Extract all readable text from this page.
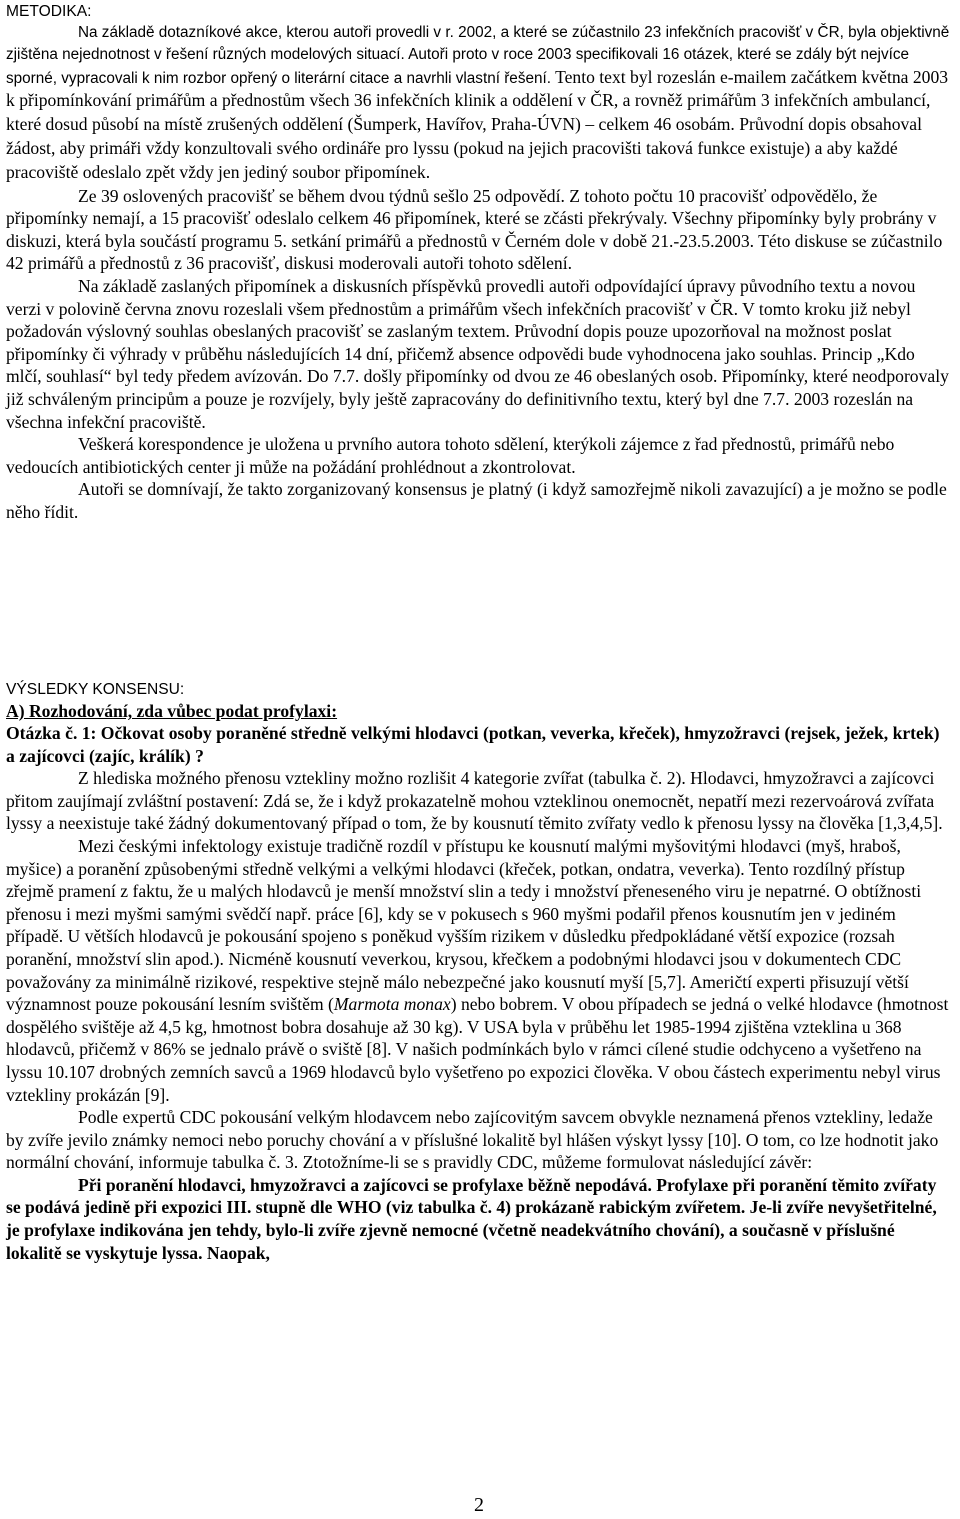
METODIKA:

Na základě dotazníkové akce, kterou autoři provedli v r. 2002, a které se zúčastnilo 23 infekčních pracovišť v ČR, byla objektivně zjištěna nejednotnost v řešení různých modelových situací. Autoři proto v roce 2003 specifikovali 16 otázek, které se zdály být nejvíce sporné, vypracovali k nim rozbor opřený o literární citace a navrhli vlastní řešení. Tento text byl rozeslán e-mailem začátkem května 2003 k připomínkování primářům a přednostům všech 36 infekčních klinik a oddělení v ČR, a rovněž primářům 3 infekčních ambulancí, které dosud působí na místě zrušených oddělení (Šumperk, Havířov, Praha-ÚVN) – celkem 46 osobám. Průvodní dopis obsahoval žádost, aby primáři vždy konzultovali svého ordináře pro lyssu (pokud na jejich pracovišti taková funkce existuje) a aby každé pracoviště odeslalo zpět vždy jen jediný soubor připomínek.

Ze 39 oslovených pracovišť se během dvou týdnů sešlo 25 odpovědí. Z tohoto počtu 10 pracovišť odpovědělo, že připomínky nemají, a 15 pracovišť odeslalo celkem 46 připomínek, které se zčásti překrývaly. Všechny připomínky byly probrány v diskuzi, která byla součástí programu 5. setkání primářů a přednostů v Černém dole v době 21.-23.5.2003. Této diskuse se zúčastnilo 42 primářů a přednostů z 36 pracovišť, diskusi moderovali autoři tohoto sdělení.

Na základě zaslaných připomínek a diskusních příspěvků provedli autoři odpovídající úpravy původního textu a novou verzi v polovině června znovu rozeslali všem přednostům a primářům všech infekčních pracovišť v ČR. V tomto kroku již nebyl požadován výslovný souhlas obeslaných pracovišť se zaslaným textem. Průvodní dopis pouze upozorňoval na možnost poslat připomínky či výhrady v průběhu následujících 14 dní, přičemž absence odpovědi bude vyhodnocena jako souhlas. Princip „Kdo mlčí, souhlasí“ byl tedy předem avízován. Do 7.7. došly připomínky od dvou ze 46 obeslaných osob. Připomínky, které neodporovaly již schváleným principům a pouze je rozvíjely, byly ještě zapracovány do definitivního textu, který byl dne 7.7. 2003 rozeslán na všechna infekční pracoviště.

Veškerá korespondence je uložena u prvního autora tohoto sdělení, kterýkoli zájemce z řad přednostů, primářů nebo vedoucích antibiotických center ji může na požádání prohlédnout a zkontrolovat.

Autoři se domnívají, že takto zorganizovaný konsensus je platný (i když samozřejmě nikoli zavazující) a je možno se podle něho řídit.

VÝSLEDKY KONSENSU:

A) Rozhodování, zda vůbec podat profylaxi:

Otázka č. 1: Očkovat osoby poraněné středně velkými hlodavci (potkan, veverka, křeček), hmyzožravci (rejsek, ježek, krtek) a zajícovci (zajíc, králík) ?

Z hlediska možného přenosu vztekliny možno rozlišit 4 kategorie zvířat (tabulka č. 2). Hlodavci, hmyzožravci a zajícovci přitom zaujímají zvláštní postavení: Zdá se, že i když prokazatelně mohou vzteklinou onemocnět, nepatří mezi rezervoárová zvířata lyssy a neexistuje také žádný dokumentovaný případ o tom, že by kousnutí těmito zvířaty vedlo k přenosu lyssy na člověka [1,3,4,5].

Mezi českými infektology existuje tradičně rozdíl v přístupu ke kousnutí malými myšovitými hlodavci (myš, hraboš, myšice) a poranění způsobenými středně velkými a velkými hlodavci (křeček, potkan, ondatra, veverka). Tento rozdílný přístup zřejmě pramení z faktu, že u malých hlodavců je menší množství slin a tedy i množství přeneseného viru je nepatrné. O obtížnosti přenosu i mezi myšmi samými svědčí např. práce [6], kdy se v pokusech s 960 myšmi podařil přenos kousnutím jen v jediném případě. U větších hlodavců je pokousání spojeno s poněkud vyšším rizikem v důsledku předpokládané větší expozice (rozsah poranění, množství slin apod.). Nicméně kousnutí veverkou, krysou, křečkem a podobnými hlodavci jsou v dokumentech CDC považovány za minimálně rizikové, respektive stejně málo nebezpečné jako kousnutí myší [5,7]. Američtí experti přisuzují větší významnost pouze pokousání lesním svištěm (Marmota monax) nebo bobrem. V obou případech se jedná o velké hlodavce (hmotnost dospělého svištěje až 4,5 kg, hmotnost bobra dosahuje až 30 kg). V USA byla v průběhu let 1985-1994 zjištěna vzteklina u 368 hlodavců, přičemž v 86% se jednalo právě o sviště [8]. V našich podmínkách bylo v rámci cílené studie odchyceno a vyšetřeno na lyssu 10.107 drobných zemních savců a 1969 hlodavců bylo vyšetřeno po expozici člověka. V obou částech experimentu nebyl virus vztekliny prokázán [9].

Podle expertů CDC pokousání velkým hlodavcem nebo zajícovitým savcem obvykle neznamená přenos vztekliny, ledaže by zvíře jevilo známky nemoci nebo poruchy chování a v příslušné lokalitě byl hlášen výskyt lyssy [10]. O tom, co lze hodnotit jako normální chování, informuje tabulka č. 3. Ztotožníme-li se s pravidly CDC, můžeme formulovat následující závěr:

Při poranění hlodavci, hmyzožravci a zajícovci se profylaxe běžně nepodává. Profylaxe při poranění těmito zvířaty se podává jedině při expozici III. stupně dle WHO (viz tabulka č. 4) prokázaně rabickým zvířetem. Je-li zvíře nevyšetřitelné, je profylaxe indikována jen tehdy, bylo-li zvíře zjevně nemocné (včetně neadekvátního chování), a současně v příslušné lokalitě se vyskytuje lyssa. Naopak,

2
